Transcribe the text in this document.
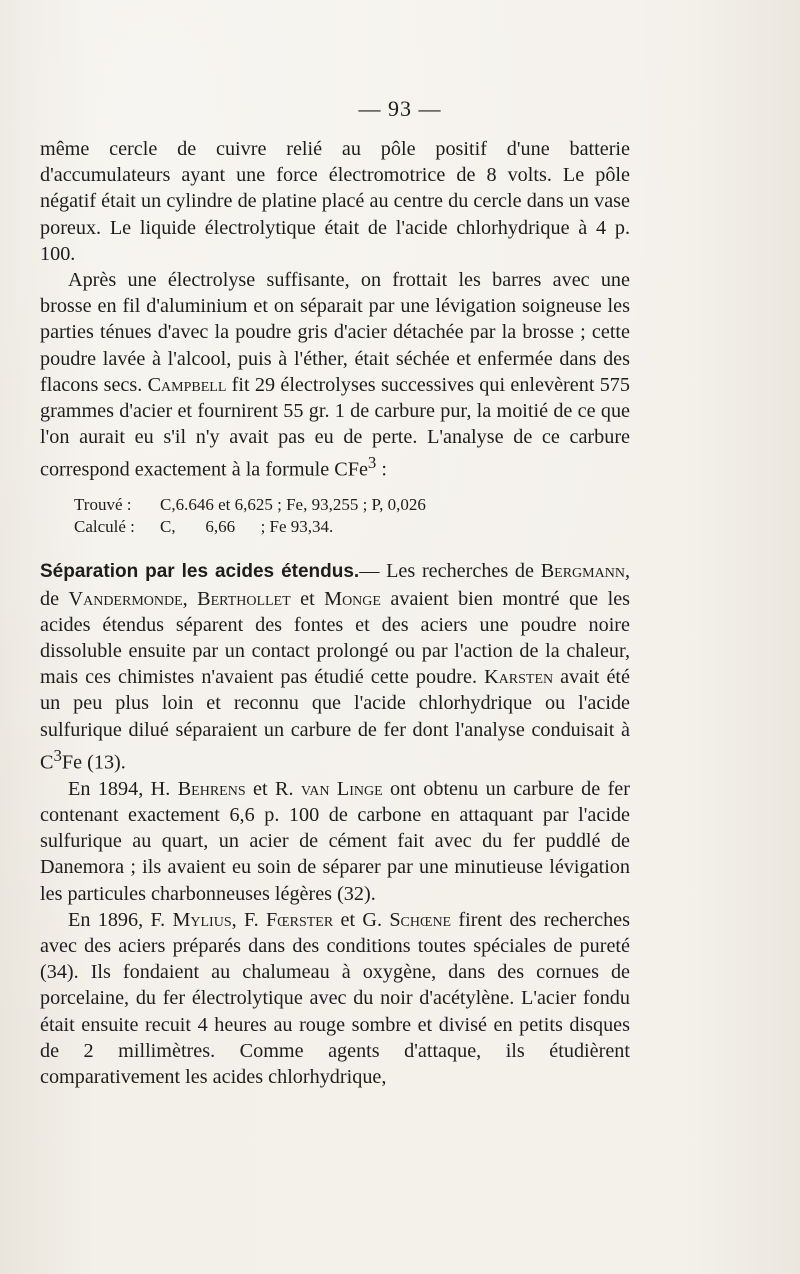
— 93 —

même cercle de cuivre relié au pôle positif d'une batterie d'accumulateurs ayant une force électromotrice de 8 volts. Le pôle négatif était un cylindre de platine placé au centre du cercle dans un vase poreux. Le liquide électrolytique était de l'acide chlorhydrique à 4 p. 100.

Après une électrolyse suffisante, on frottait les barres avec une brosse en fil d'aluminium et on séparait par une lévigation soigneuse les parties ténues d'avec la poudre gris d'acier détachée par la brosse ; cette poudre lavée à l'alcool, puis à l'éther, était séchée et enfermée dans des flacons secs. Campbell fit 29 électrolyses successives qui enlevèrent 575 grammes d'acier et fournirent 55 gr. 1 de carbure pur, la moitié de ce que l'on aurait eu s'il n'y avait pas eu de perte. L'analyse de ce carbure correspond exactement à la formule CFe$^3$ :

Trouvé : C,6.646 et 6,625 ; Fe, 93,255 ; P, 0,026
Calculé : C,       6,66      ; Fe 93,34.

Séparation par les acides étendus.— Les recherches de Bergmann, de Vandermonde, Berthollet et Monge avaient bien montré que les acides étendus séparent des fontes et des aciers une poudre noire dissoluble ensuite par un contact prolongé ou par l'action de la chaleur, mais ces chimistes n'avaient pas étudié cette poudre. Karsten avait été un peu plus loin et reconnu que l'acide chlorhydrique ou l'acide sulfurique dilué séparaient un carbure de fer dont l'analyse conduisait à $C^3Fe$ (13).

En 1894, H. Behrens et R. van Linge ont obtenu un carbure de fer contenant exactement 6,6 p. 100 de carbone en attaquant par l'acide sulfurique au quart, un acier de cément fait avec du fer puddlé de Danemora ; ils avaient eu soin de séparer par une minutieuse lévigation les particules charbonneuses légères (32).

En 1896, F. Mylius, F. Fœrster et G. Schœne firent des recherches avec des aciers préparés dans des conditions toutes spéciales de pureté (34). Ils fondaient au chalumeau à oxygène, dans des cornues de porcelaine, du fer électrolytique avec du noir d'acétylène. L'acier fondu était ensuite recuit 4 heures au rouge sombre et divisé en petits disques de 2 millimètres. Comme agents d'attaque, ils étudièrent comparativement les acides chlorhydrique,
